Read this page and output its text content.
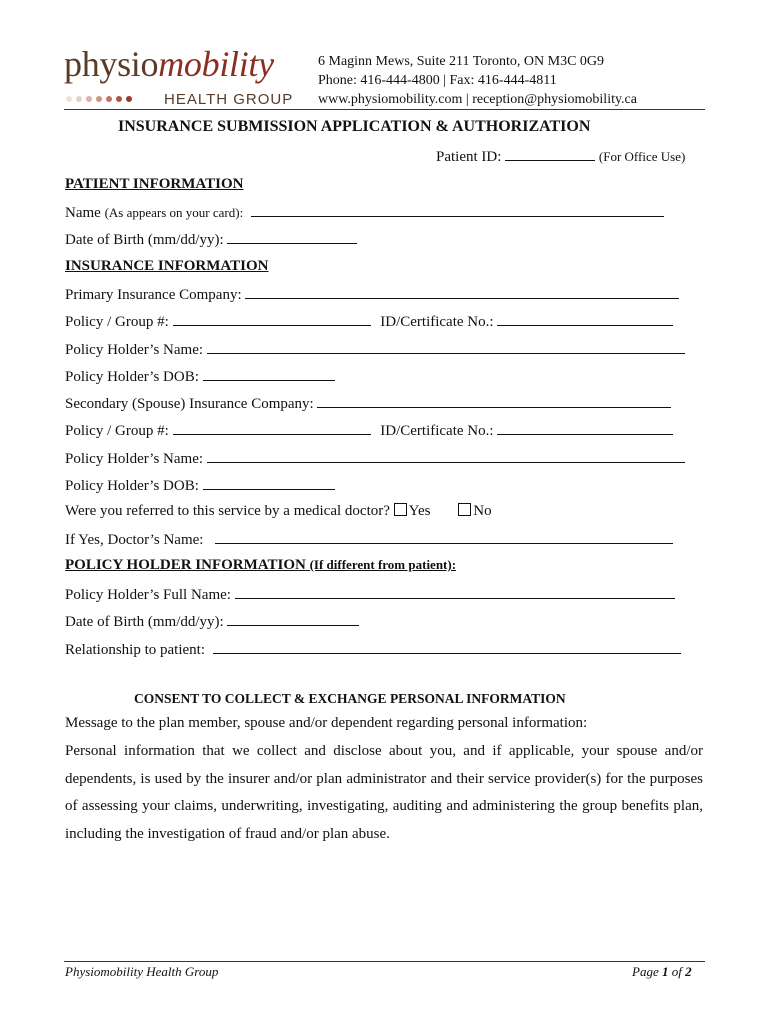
physiomobility
HEALTH GROUP
6 Maginn Mews, Suite 211 Toronto, ON M3C 0G9
Phone: 416-444-4800 | Fax: 416-444-4811
www.physiomobility.com | reception@physiomobility.ca
INSURANCE SUBMISSION APPLICATION & AUTHORIZATION
Patient ID:	(For Office Use)
PATIENT INFORMATION
Name (As appears on your card):
Date of Birth (mm/dd/yy):
INSURANCE INFORMATION
Primary Insurance Company:
Policy / Group #:	ID/Certificate No.:
Policy Holder’s Name:
Policy Holder’s DOB:
Secondary (Spouse) Insurance Company:
Policy / Group #:	ID/Certificate No.:
Policy Holder’s Name:
Policy Holder’s DOB:
Were you referred to this service by a medical doctor? Yes	No
If Yes, Doctor’s Name:
POLICY HOLDER INFORMATION (If different from patient):
Policy Holder’s Full Name:
Date of Birth (mm/dd/yy):
Relationship to patient:
CONSENT TO COLLECT & EXCHANGE PERSONAL INFORMATION
Message to the plan member, spouse and/or dependent regarding personal information:
Personal information that we collect and disclose about you, and if applicable, your spouse and/or dependents, is used by the insurer and/or plan administrator and their service provider(s) for the purposes of assessing your claims, underwriting, investigating, auditing and administering the group benefits plan, including the investigation of fraud and/or plan abuse.
Physiomobility Health Group	Page 1 of 2
